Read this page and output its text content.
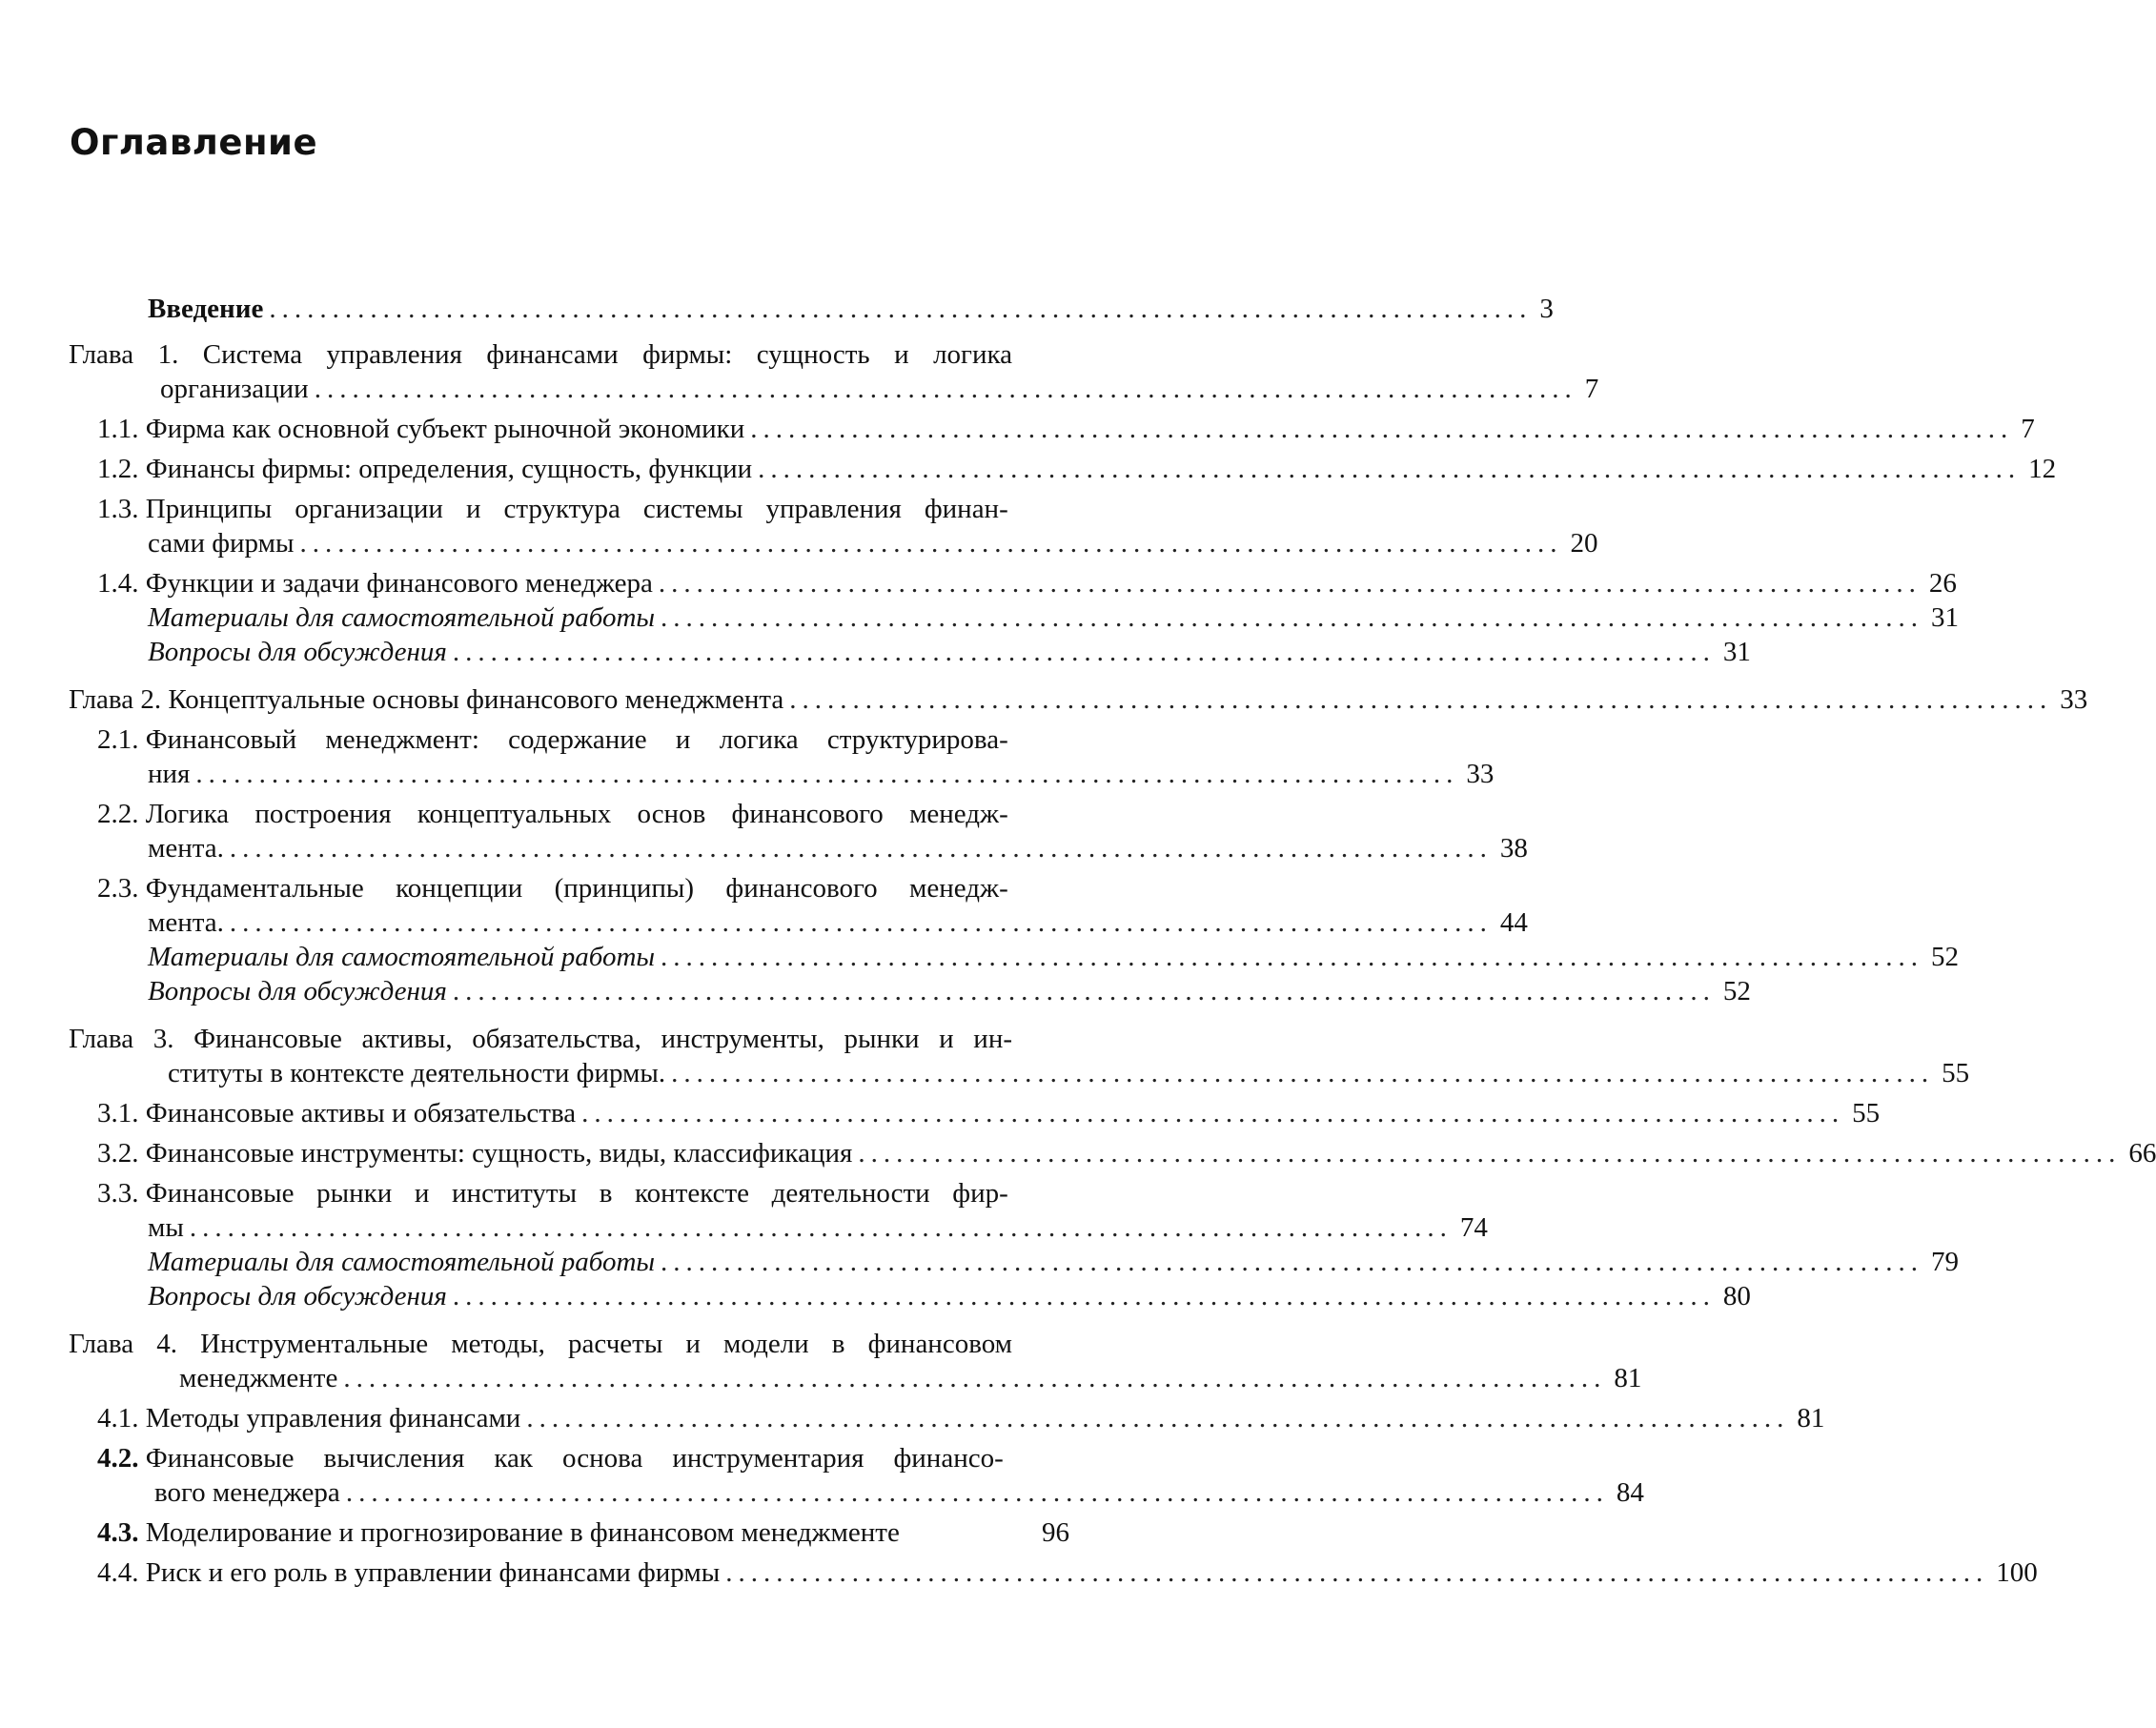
Оглавление
Введение .................................................................................................... 3
Глава 1. Система управления финансами фирмы: сущность и логика
организации .................................................................................................... 7
1.1.
Фирма как основной субъект рыночной экономики .................................................................................................... 7
1.2.
Финансы фирмы: определения, сущность, функции .................................................................................................... 12
1.3.
Принципы организации и структура системы управления финан-
сами фирмы .................................................................................................... 20
1.4.
Функции и задачи финансового менеджера .................................................................................................... 26
Материалы для самостоятельной работы .................................................................................................... 31
Вопросы для обсуждения .................................................................................................... 31
Глава 2. Концептуальные основы финансового менеджмента .................................................................................................... 33
2.1.
Финансовый менеджмент: содержание и логика структурирова-
ния .................................................................................................... 33
2.2.
Логика построения концептуальных основ финансового менедж-
мента. .................................................................................................... 38
2.3.
Фундаментальные концепции (принципы) финансового менедж-
мента. .................................................................................................... 44
Материалы для самостоятельной работы .................................................................................................... 52
Вопросы для обсуждения .................................................................................................... 52
Глава 3. Финансовые активы, обязательства, инструменты, рынки и ин-
ституты в контексте деятельности фирмы. .................................................................................................... 55
3.1.
Финансовые активы и обязательства .................................................................................................... 55
3.2.
Финансовые инструменты: сущность, виды, классификация .................................................................................................... 66
3.3.
Финансовые рынки и институты в контексте деятельности фир-
мы .................................................................................................... 74
Материалы для самостоятельной работы .................................................................................................... 79
Вопросы для обсуждения .................................................................................................... 80
Глава 4. Инструментальные методы, расчеты и модели в финансовом
менеджменте .................................................................................................... 81
4.1.
Методы управления финансами .................................................................................................... 81
4.2.
Финансовые вычисления как основа инструментария финансо-
вого менеджера .................................................................................................... 84
4.3.
Моделирование и прогнозирование в финансовом менеджменте	96
4.4.
Риск и его роль в управлении финансами фирмы .................................................................................................... 100
